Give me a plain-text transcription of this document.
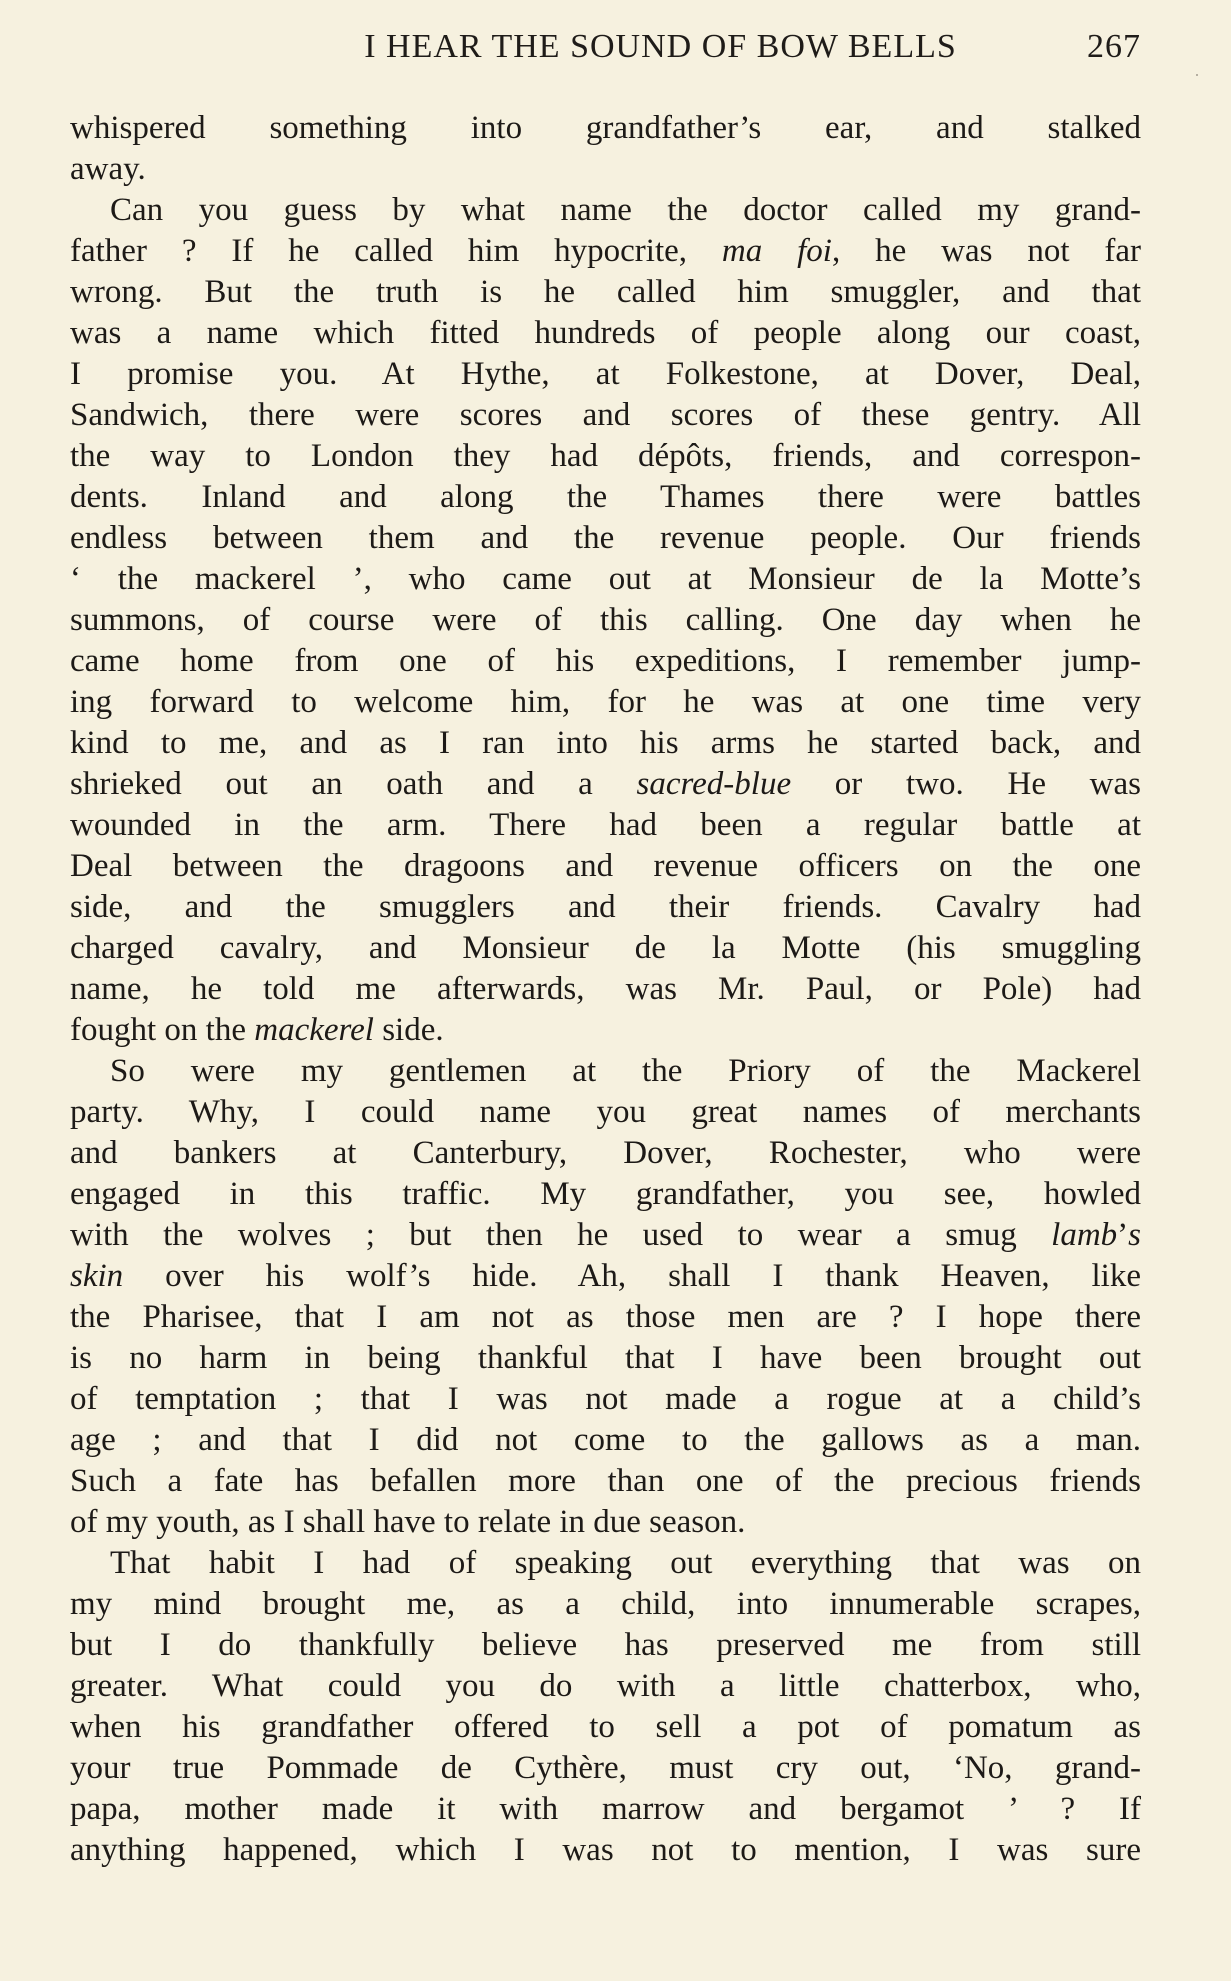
I HEAR THE SOUND OF BOW BELLS	267
whispered something into grandfather’s ear, and stalked
away.
Can you guess by what name the doctor called my grand-
father ? If he called him hypocrite, ma foi, he was not far
wrong. But the truth is he called him smuggler, and that
was a name which fitted hundreds of people along our coast,
I promise you. At Hythe, at Folkestone, at Dover, Deal,
Sandwich, there were scores and scores of these gentry. All
the way to London they had dépôts, friends, and correspon-
dents. Inland and along the Thames there were battles
endless between them and the revenue people. Our friends
‘ the mackerel ’, who came out at Monsieur de la Motte’s
summons, of course were of this calling. One day when he
came home from one of his expeditions, I remember jump-
ing forward to welcome him, for he was at one time very
kind to me, and as I ran into his arms he started back, and
shrieked out an oath and a sacred-blue or two. He was
wounded in the arm. There had been a regular battle at
Deal between the dragoons and revenue officers on the one
side, and the smugglers and their friends. Cavalry had
charged cavalry, and Monsieur de la Motte (his smuggling
name, he told me afterwards, was Mr. Paul, or Pole) had
fought on the mackerel side.
So were my gentlemen at the Priory of the Mackerel
party. Why, I could name you great names of merchants
and bankers at Canterbury, Dover, Rochester, who were
engaged in this traffic. My grandfather, you see, howled
with the wolves ; but then he used to wear a smug lamb’s
skin over his wolf’s hide. Ah, shall I thank Heaven, like
the Pharisee, that I am not as those men are ? I hope there
is no harm in being thankful that I have been brought out
of temptation ; that I was not made a rogue at a child’s
age ; and that I did not come to the gallows as a man.
Such a fate has befallen more than one of the precious friends
of my youth, as I shall have to relate in due season.
That habit I had of speaking out everything that was on
my mind brought me, as a child, into innumerable scrapes,
but I do thankfully believe has preserved me from still
greater. What could you do with a little chatterbox, who,
when his grandfather offered to sell a pot of pomatum as
your true Pommade de Cythère, must cry out, ‘No, grand-
papa, mother made it with marrow and bergamot ’ ? If
anything happened, which I was not to mention, I was sure
